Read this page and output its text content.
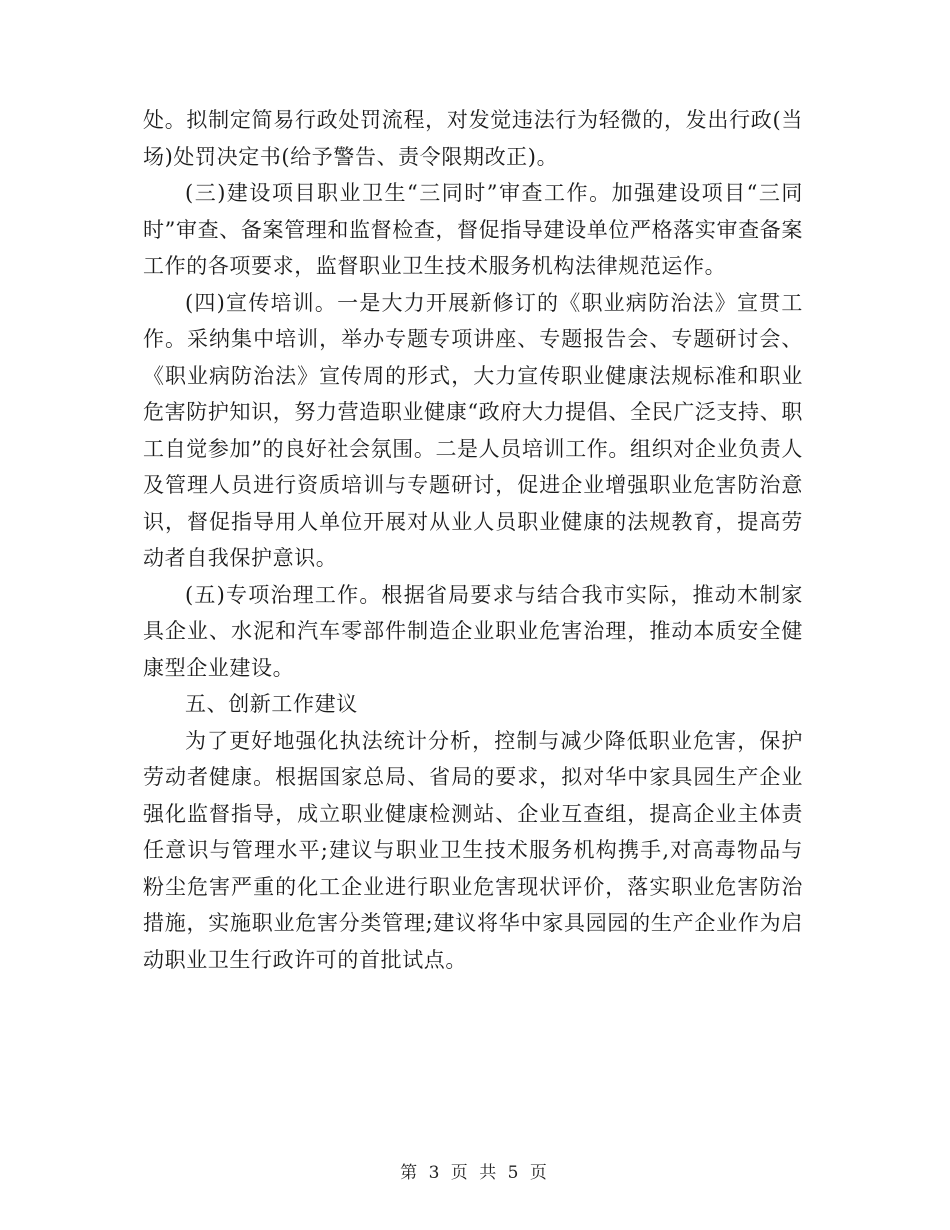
处。拟制定简易行政处罚流程，对发觉违法行为轻微的，发出行政(当场)处罚决定书(给予警告、责令限期改正)。

(三)建设项目职业卫生“三同时”审查工作。加强建设项目“三同时”审查、备案管理和监督检查，督促指导建设单位严格落实审查备案工作的各项要求，监督职业卫生技术服务机构法律规范运作。

(四)宣传培训。一是大力开展新修订的《职业病防治法》宣贯工作。采纳集中培训，举办专题专项讲座、专题报告会、专题研讨会、《职业病防治法》宣传周的形式，大力宣传职业健康法规标准和职业危害防护知识，努力营造职业健康“政府大力提倡、全民广泛支持、职工自觉参加”的良好社会氛围。二是人员培训工作。组织对企业负责人及管理人员进行资质培训与专题研讨，促进企业增强职业危害防治意识，督促指导用人单位开展对从业人员职业健康的法规教育，提高劳动者自我保护意识。

(五)专项治理工作。根据省局要求与结合我市实际，推动木制家具企业、水泥和汽车零部件制造企业职业危害治理，推动本质安全健康型企业建设。

五、创新工作建议

为了更好地强化执法统计分析，控制与减少降低职业危害，保护劳动者健康。根据国家总局、省局的要求，拟对华中家具园生产企业强化监督指导，成立职业健康检测站、企业互查组，提高企业主体责任意识与管理水平;建议与职业卫生技术服务机构携手,对高毒物品与粉尘危害严重的化工企业进行职业危害现状评价，落实职业危害防治措施，实施职业危害分类管理;建议将华中家具园园的生产企业作为启动职业卫生行政许可的首批试点。

第 3 页 共 5 页
